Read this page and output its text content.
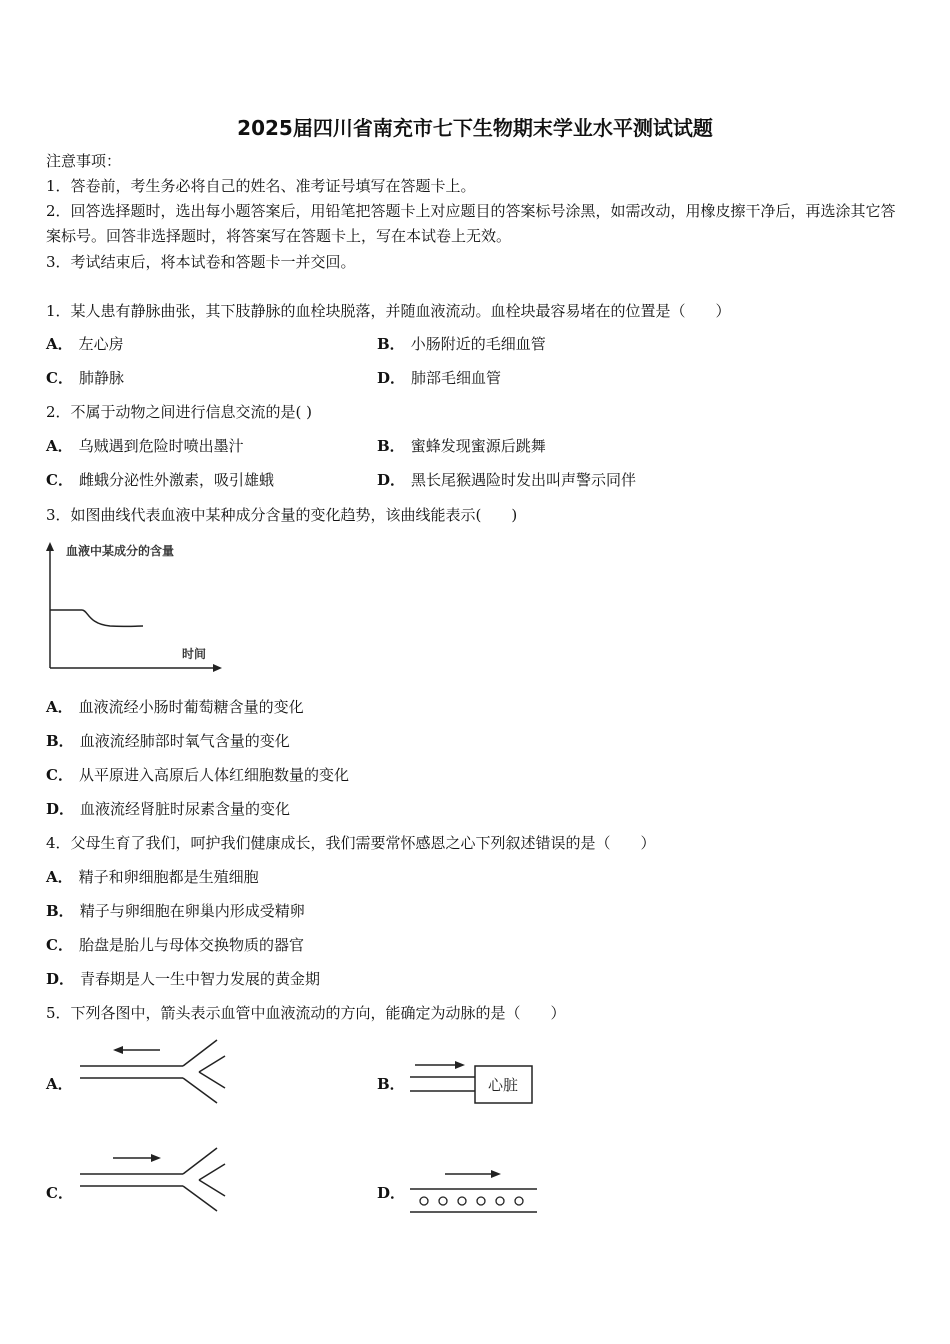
2025届四川省南充市七下生物期末学业水平测试试题
注意事项：
1．答卷前，考生务必将自己的姓名、准考证号填写在答题卡上。
2．回答选择题时，选出每小题答案后，用铅笔把答题卡上对应题目的答案标号涂黑，如需改动，用橡皮擦干净后，再选涂其它答案标号。回答非选择题时，将答案写在答题卡上，写在本试卷上无效。
3．考试结束后，将本试卷和答题卡一并交回。
1．某人患有静脉曲张，其下肢静脉的血栓块脱落，并随血液流动。血栓块最容易堵在的位置是（　　）
A． 左心房	B． 小肠附近的毛细血管
C． 肺静脉	D． 肺部毛细血管
2．不属于动物之间进行信息交流的是( )
A． 乌贼遇到危险时喷出墨汁	B． 蜜蜂发现蜜源后跳舞
C． 雌蛾分泌性外激素，吸引雄蛾	D． 黑长尾猴遇险时发出叫声警示同伴
3．如图曲线代表血液中某种成分含量的变化趋势，该曲线能表示(　　)
血液中某成分的含量
时间
A． 血液流经小肠时葡萄糖含量的变化
B． 血液流经肺部时氧气含量的变化
C． 从平原进入高原后人体红细胞数量的变化
D． 血液流经肾脏时尿素含量的变化
4．父母生育了我们，呵护我们健康成长，我们需要常怀感恩之心下列叙述错误的是（　　）
A． 精子和卵细胞都是生殖细胞
B． 精子与卵细胞在卵巢内形成受精卵
C． 胎盘是胎儿与母体交换物质的器官
D． 青春期是人一生中智力发展的黄金期
5．下列各图中，箭头表示血管中血液流动的方向，能确定为动脉的是（　　）
A．	B．	心脏
C．	D．
